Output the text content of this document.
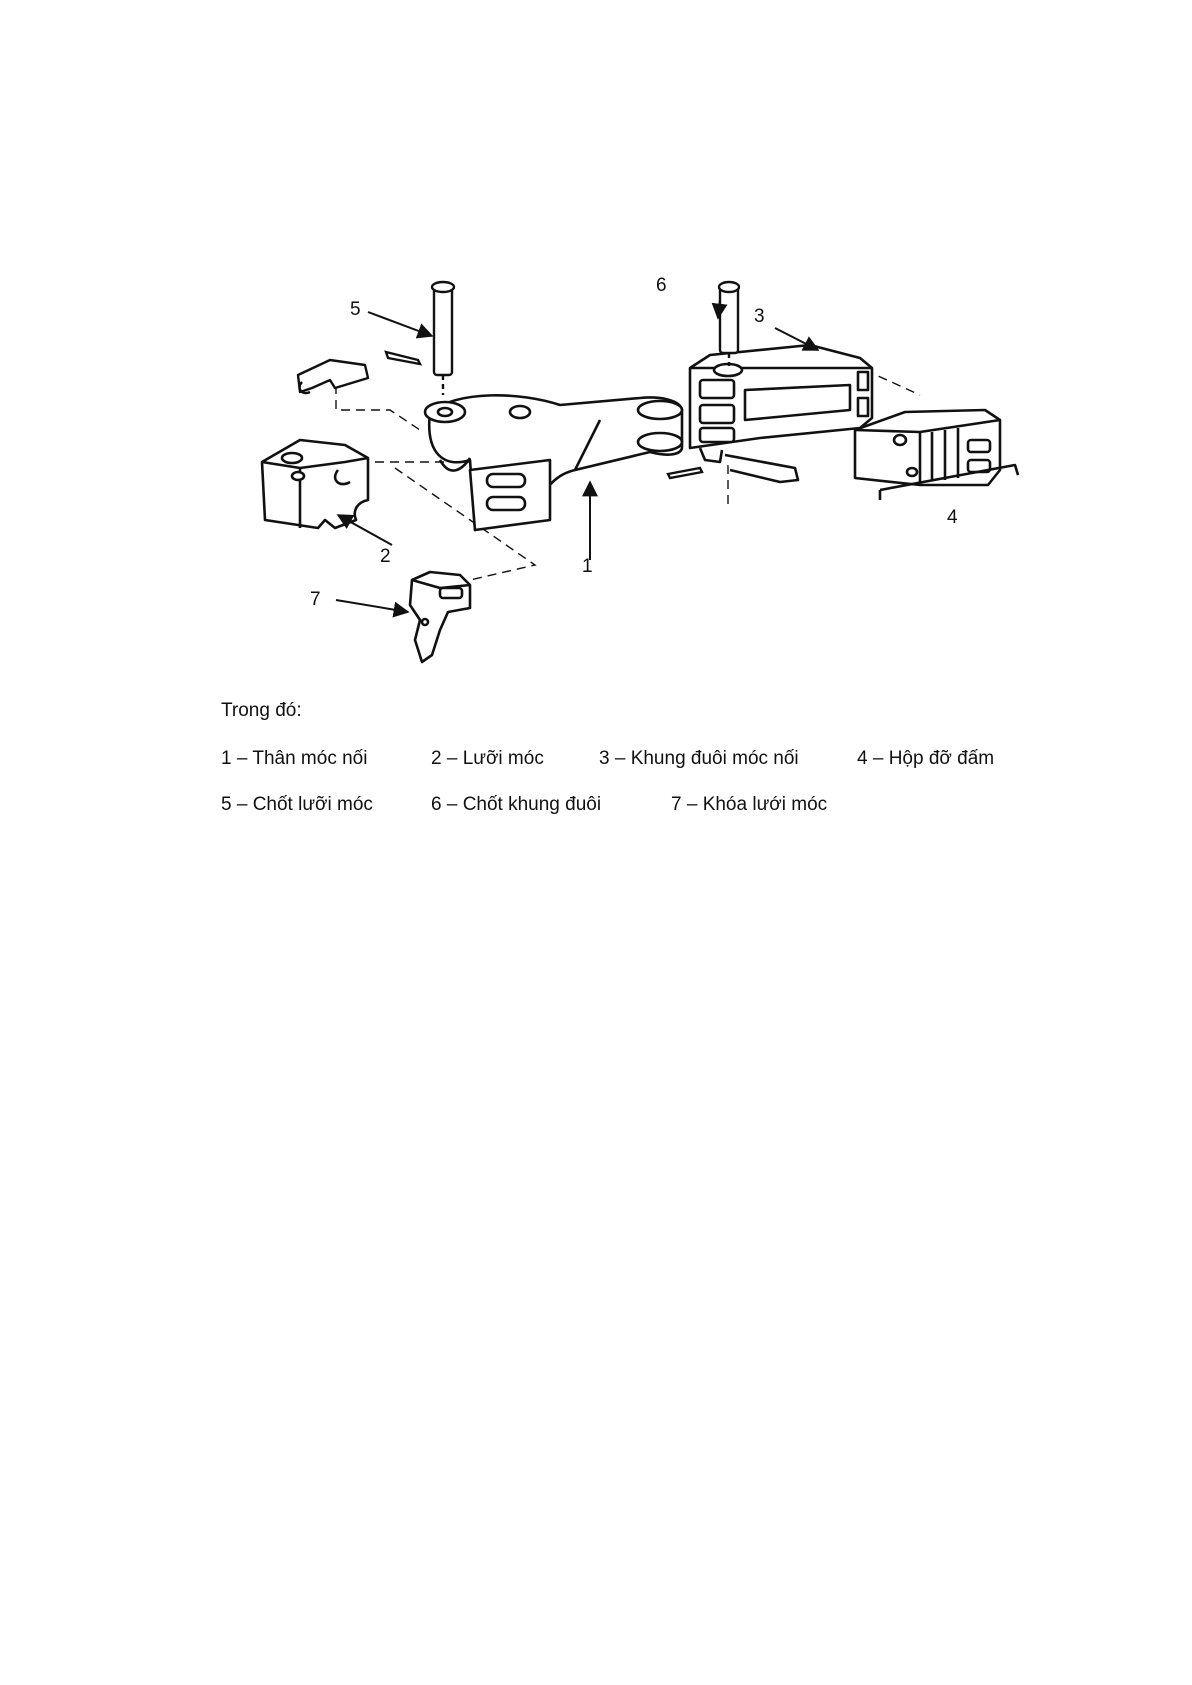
5
6
3
2	1
4
7
Trong đó:
1 – Thân móc nối	2 – Lưỡi móc	3 – Khung đuôi móc nối	4 – Hộp đỡ đấm
5 – Chốt lưỡi móc	6 – Chốt khung đuôi	7 – Khóa lưới móc
